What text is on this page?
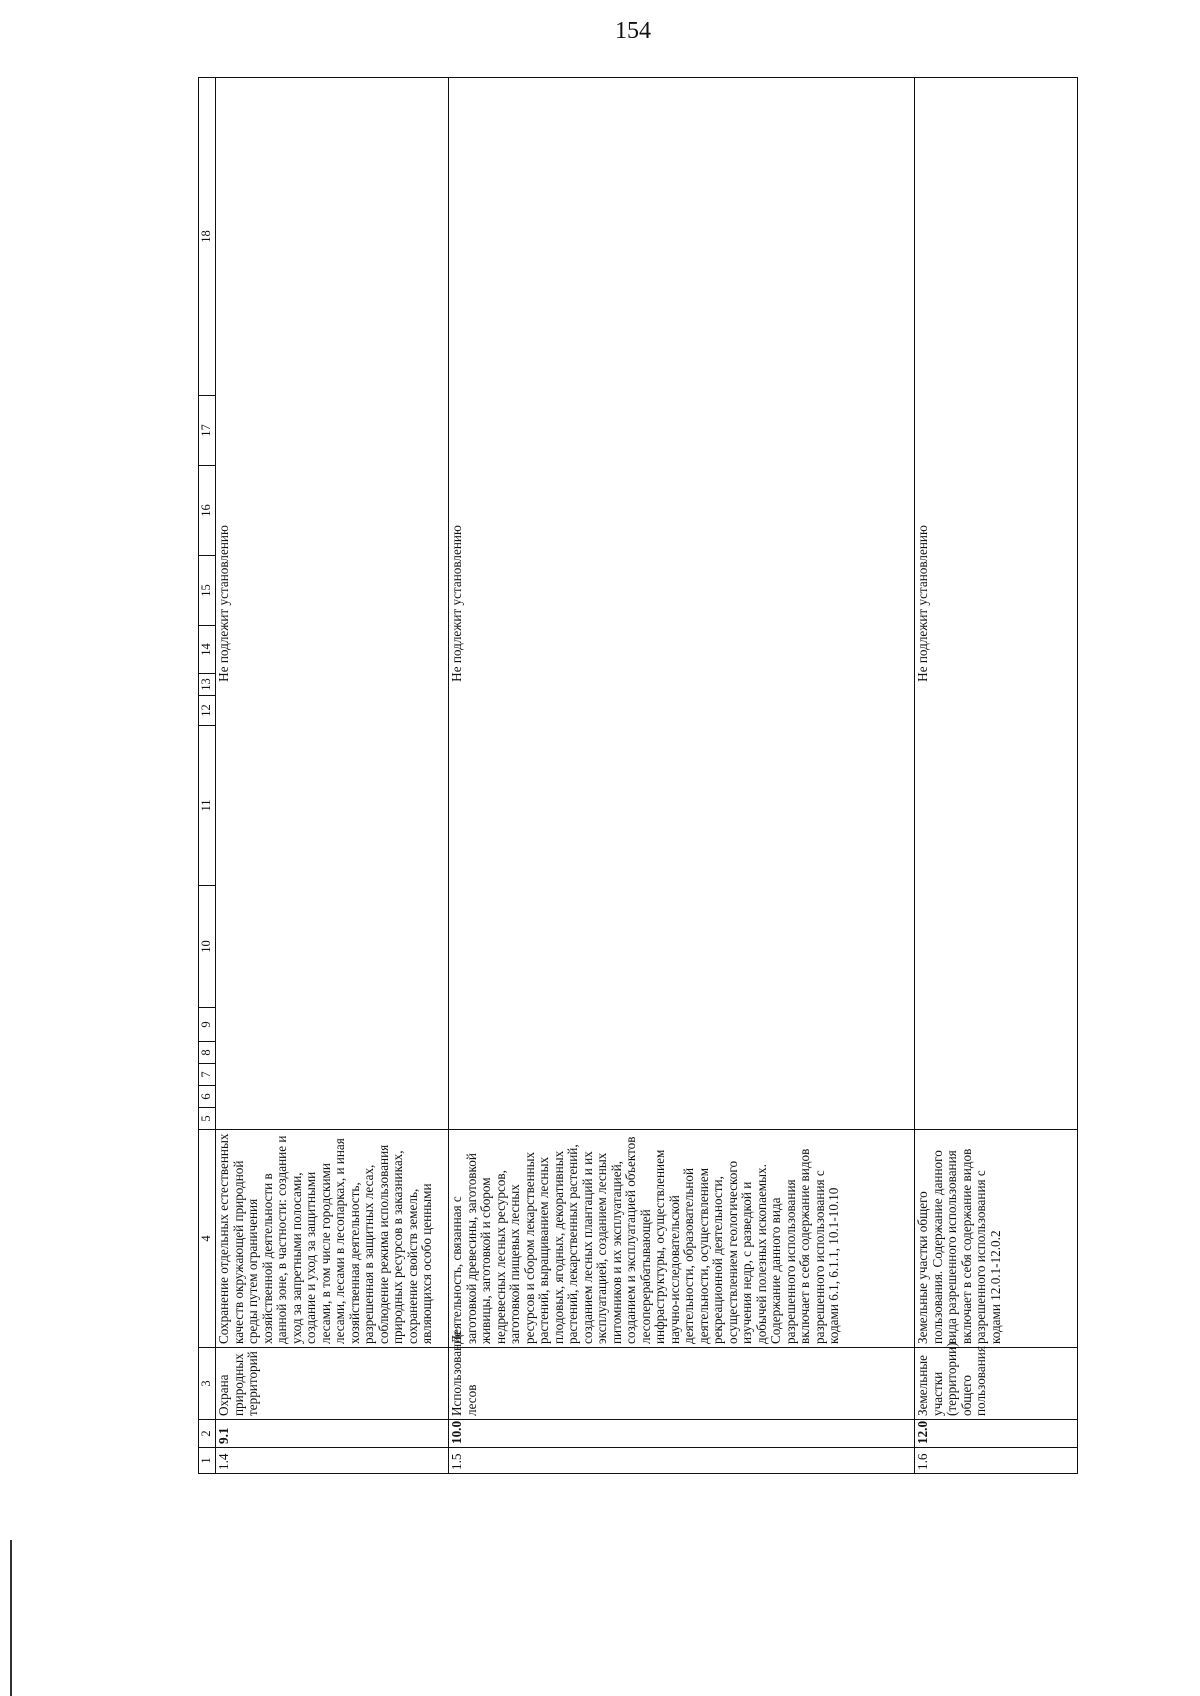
154
1	2	3	4	5	6	7	8	9	10	11	12	13	14	15	16	17	18
1.4	9.1	Охрана природных территорий	Сохранение отдельных естественных качеств окружающей природной среды путем ограничения хозяйственной деятельности в данной зоне, в частности: создание и уход за запретными полосами, создание и уход за защитными лесами, в том числе городскими лесами, лесами в лесопарках, и иная хозяйственная деятельность, разрешенная в защитных лесах, соблюдение режима использования природных ресурсов в заказниках, сохранение свойств земель, являющихся особо ценными	Не подлежит установлению													
1.5	10.0	Использование лесов	Деятельность, связанная с заготовкой древесины, заготовкой живицы, заготовкой и сбором недревесных лесных ресурсов, заготовкой пищевых лесных ресурсов и сбором лекарственных растений, выращиванием лесных плодовых, ягодных, декоративных растений, лекарственных растений, созданием лесных плантаций и их эксплуатацией, созданием лесных питомников и их эксплуатацией, созданием и эксплуатацией объектов лесоперерабатывающей инфраструктуры, осуществлением научно-исследовательской деятельности, образовательной деятельности, осуществлением рекреационной деятельности, осуществлением геологического изучения недр, с разведкой и добычей полезных ископаемых. Содержание данного вида разрешенного использования включает в себя содержание видов разрешенного использования с кодами 6.1, 6.1.1, 10.1-10.10	Не подлежит установлению													
1.6	12.0	Земельные участки (территории) общего пользования	Земельные участки общего пользования. Содержание данного вида разрешенного использования включает в себя содержание видов разрешенного использования с кодами 12.0.1-12.0.2	Не подлежит установлению													
